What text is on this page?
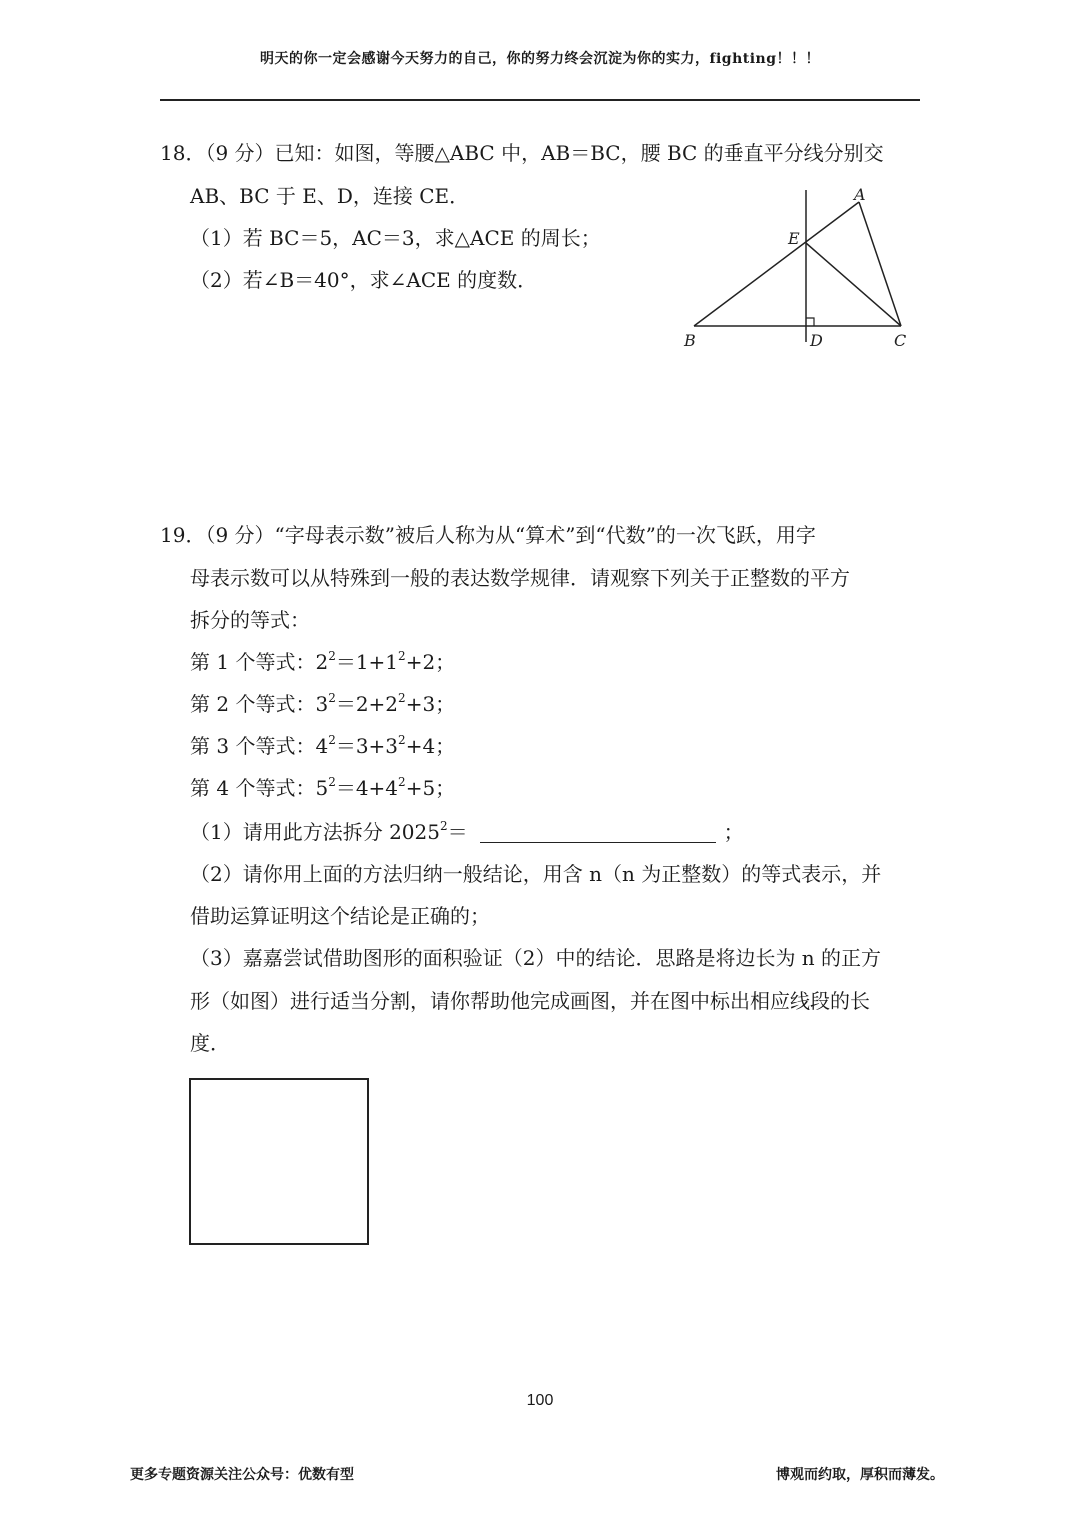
明天的你一定会感谢今天努力的自己，你的努力终会沉淀为你的实力，fighting！！！
18．（9 分）已知：如图，等腰△ABC 中，AB＝BC，腰 BC 的垂直平分线分别交
AB、BC 于 E、D，连接 CE．
（1）若 BC＝5，AC＝3，求△ACE 的周长；
（2）若∠B＝40°，求∠ACE 的度数．
A
E
B	D	C
19．（9 分）“字母表示数”被后人称为从“算术”到“代数”的一次飞跃，用字
母表示数可以从特殊到一般的表达数学规律．请观察下列关于正整数的平方
拆分的等式：
第 1 个等式：$2^2=1+1^2+2$；
第 2 个等式：$3^2=2+2^2+3$；
第 3 个等式：$4^2=3+3^2+4$；
第 4 个等式：$5^2=4+4^2+5$；
（1）请用此方法拆分 $2025^2=$	；
（2）请你用上面的方法归纳一般结论，用含 n（n 为正整数）的等式表示，并
借助运算证明这个结论是正确的；
（3）嘉嘉尝试借助图形的面积验证（2）中的结论．思路是将边长为 n 的正方
形（如图）进行适当分割，请你帮助他完成画图，并在图中标出相应线段的长
度．
100
更多专题资源关注公众号：优数有型	博观而约取，厚积而薄发。
